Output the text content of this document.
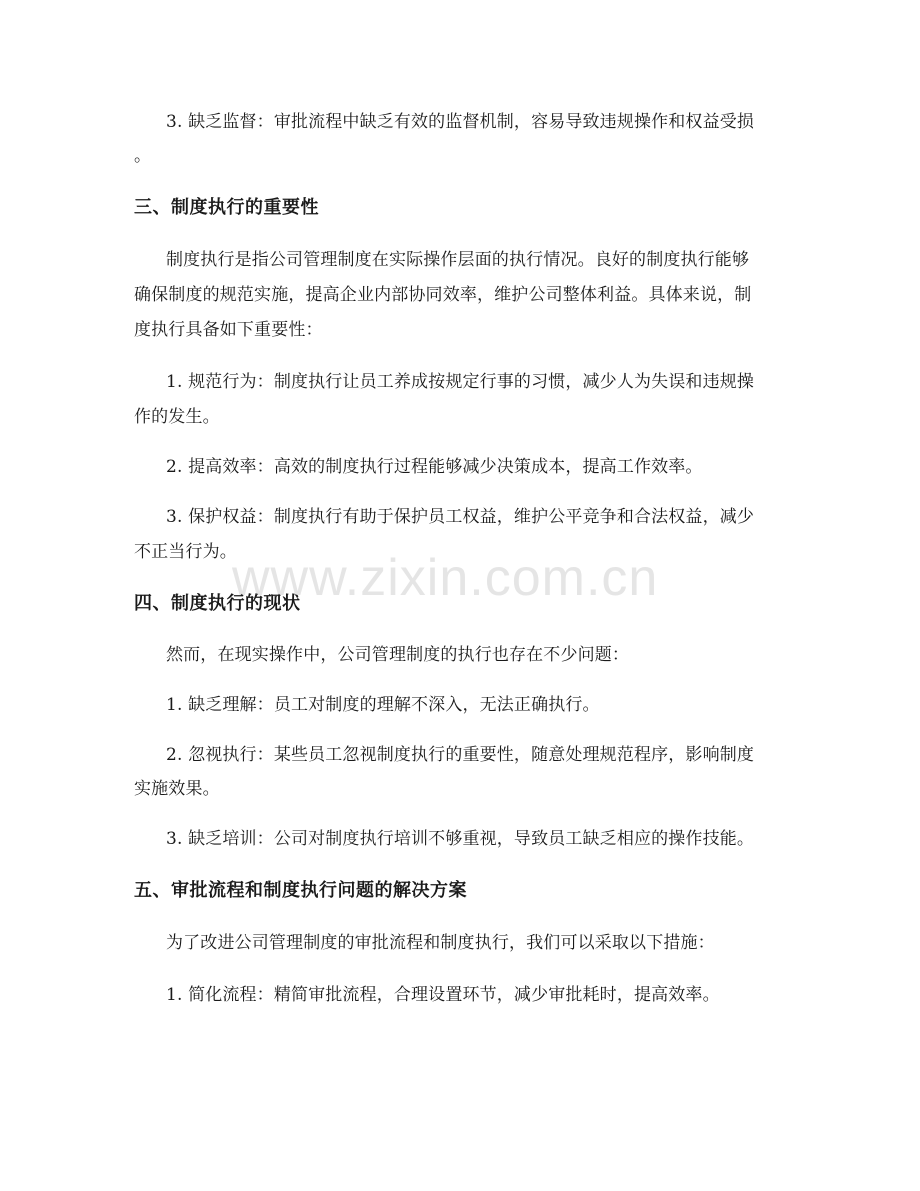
3. 缺乏监督：审批流程中缺乏有效的监督机制，容易导致违规操作和权益受损
。
三、制度执行的重要性
制度执行是指公司管理制度在实际操作层面的执行情况。良好的制度执行能够
确保制度的规范实施，提高企业内部协同效率，维护公司整体利益。具体来说，制
度执行具备如下重要性：
1. 规范行为：制度执行让员工养成按规定行事的习惯，减少人为失误和违规操
作的发生。
2. 提高效率：高效的制度执行过程能够减少决策成本，提高工作效率。
3. 保护权益：制度执行有助于保护员工权益，维护公平竞争和合法权益，减少
不正当行为。
四、制度执行的现状
然而，在现实操作中，公司管理制度的执行也存在不少问题：
1. 缺乏理解：员工对制度的理解不深入，无法正确执行。
2. 忽视执行：某些员工忽视制度执行的重要性，随意处理规范程序，影响制度
实施效果。
3. 缺乏培训：公司对制度执行培训不够重视，导致员工缺乏相应的操作技能。
五、审批流程和制度执行问题的解决方案
为了改进公司管理制度的审批流程和制度执行，我们可以采取以下措施：
1. 简化流程：精简审批流程，合理设置环节，减少审批耗时，提高效率。
www.zixin.com.cn
